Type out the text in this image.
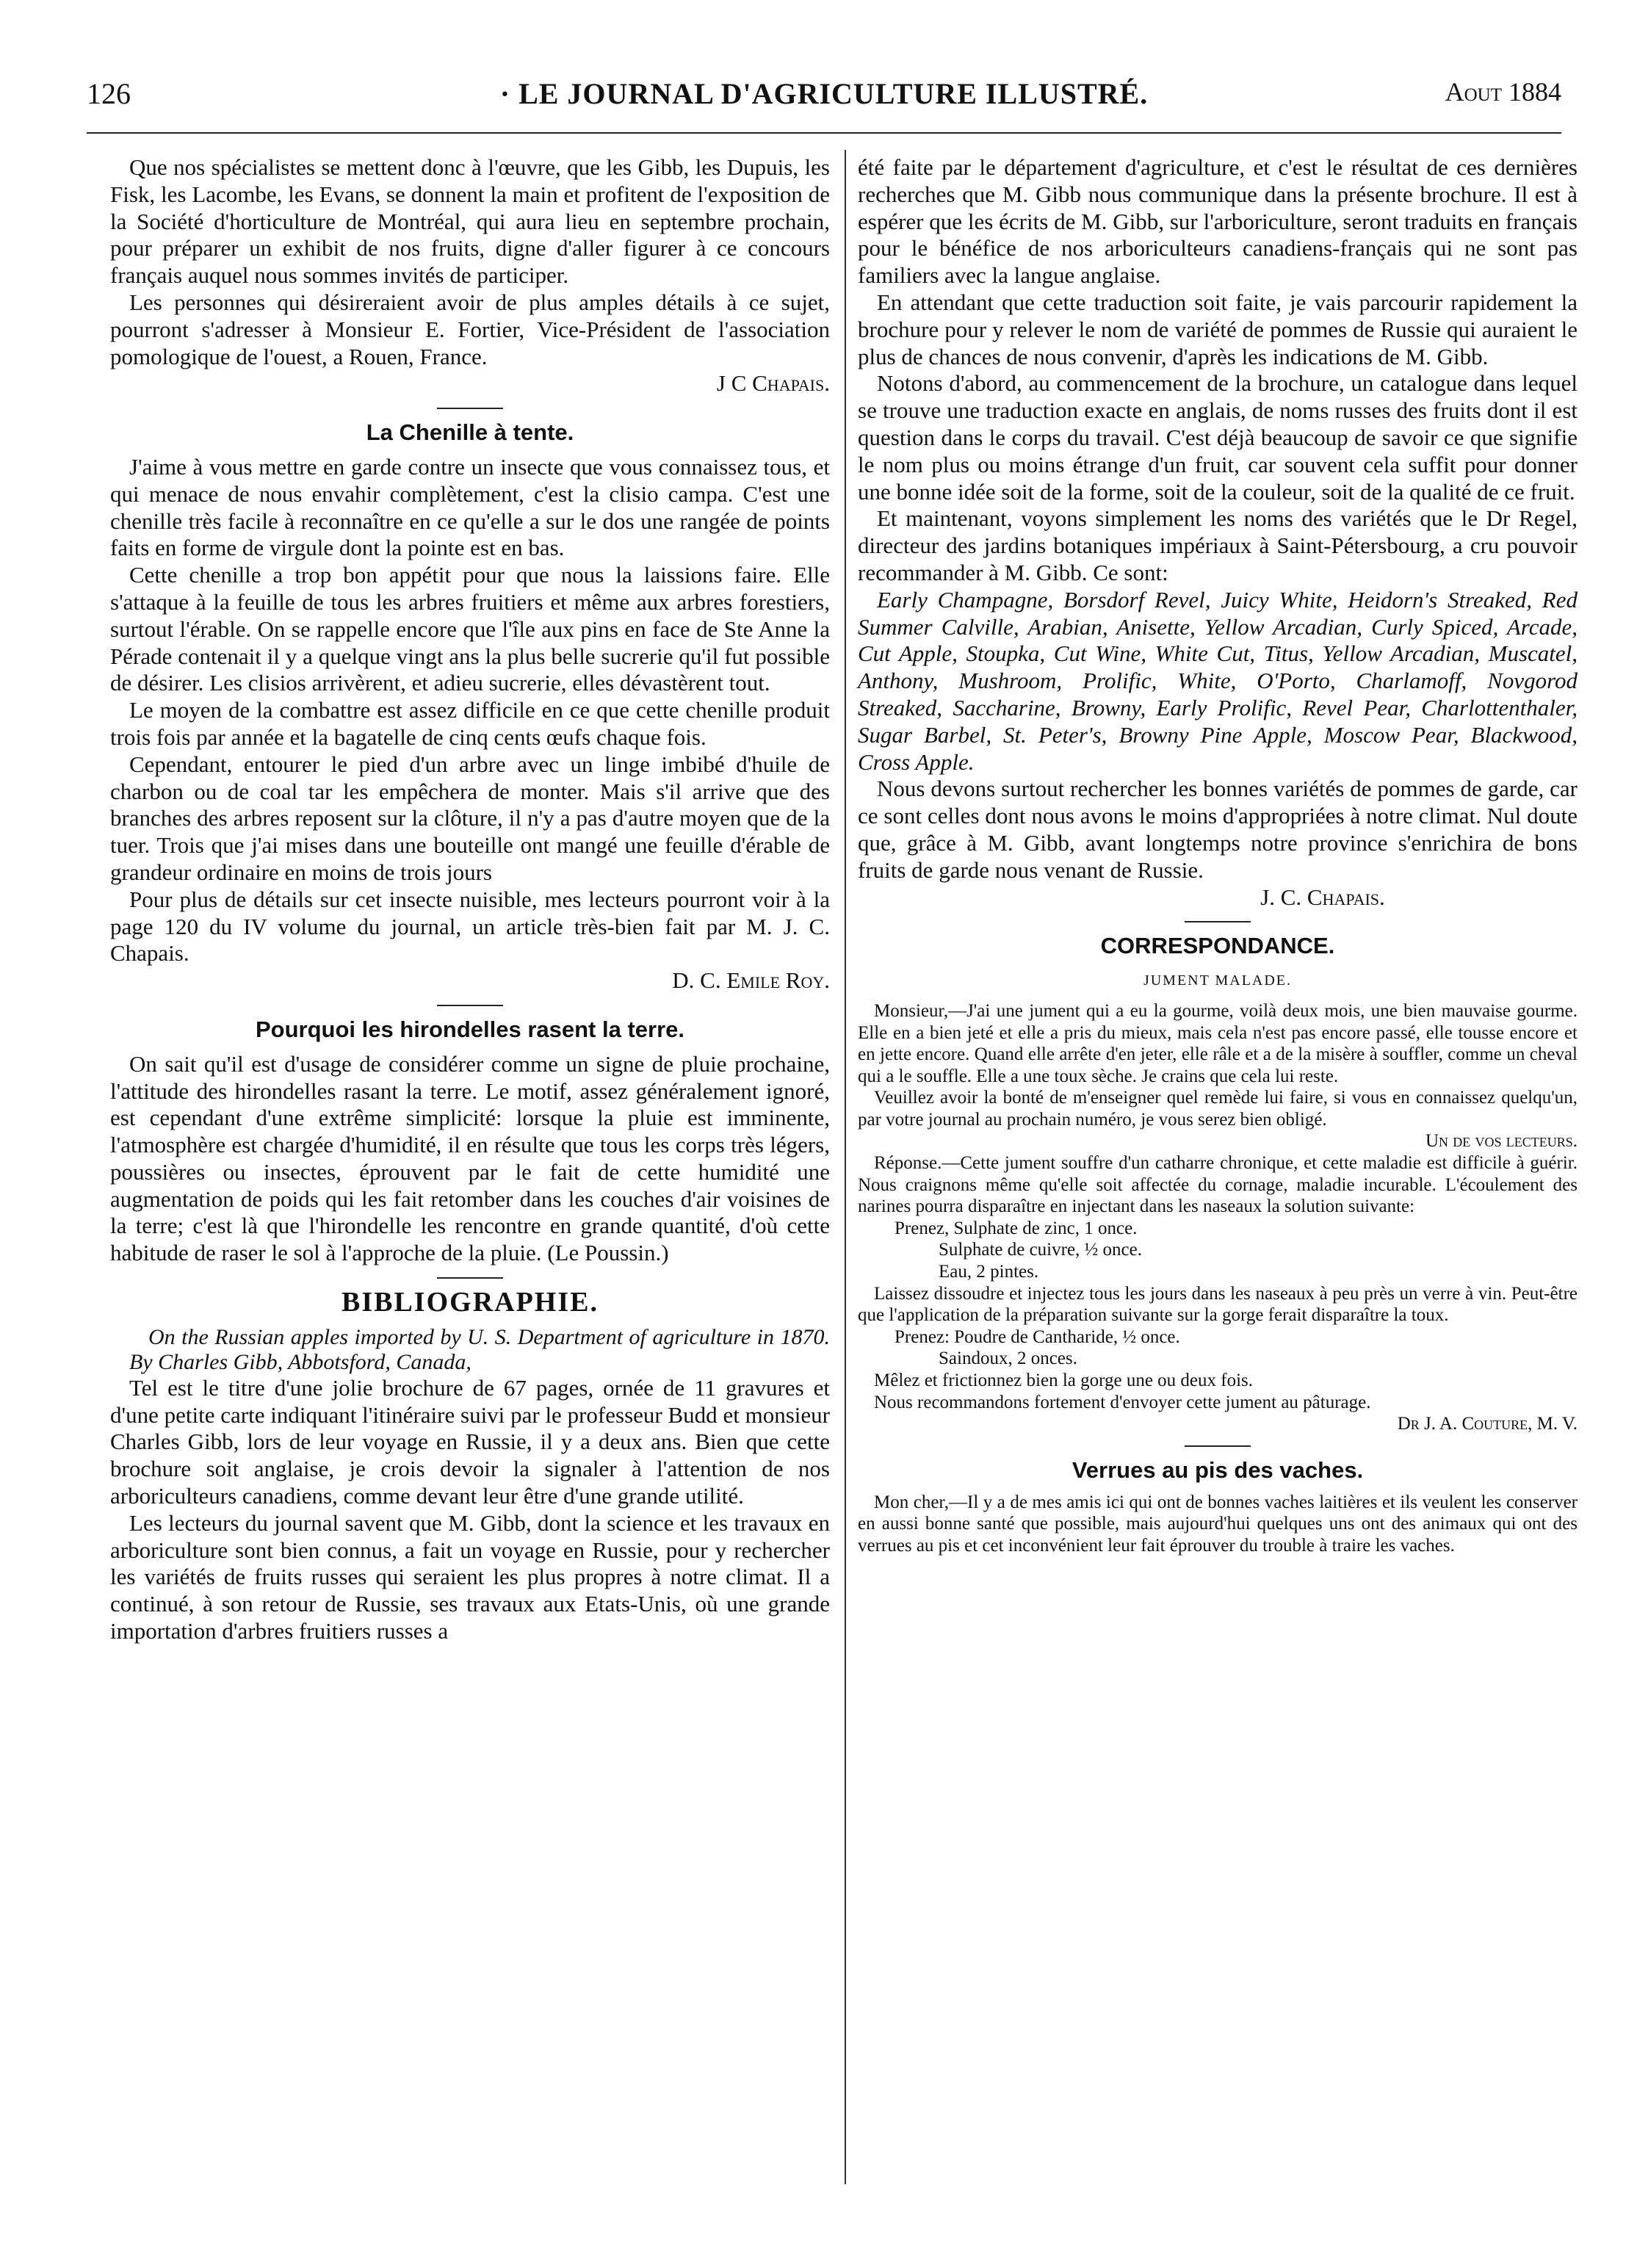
126	· LE JOURNAL D'AGRICULTURE ILLUSTRÉ.	Aout 1884

Que nos spécialistes se mettent donc à l'œuvre, que les Gibb, les Dupuis, les Fisk, les Lacombe, les Evans, se donnent la main et profitent de l'exposition de la Société d'horticulture de Montréal, qui aura lieu en septembre prochain, pour préparer un exhibit de nos fruits, digne d'aller figurer à ce concours français auquel nous sommes invités de participer.

Les personnes qui désireraient avoir de plus amples détails à ce sujet, pourront s'adresser à Monsieur E. Fortier, Vice-Président de l'association pomologique de l'ouest, a Rouen, France.

J C Chapais.

La Chenille à tente.

J'aime à vous mettre en garde contre un insecte que vous connaissez tous, et qui menace de nous envahir complètement, c'est la clisio campa. C'est une chenille très facile à reconnaître en ce qu'elle a sur le dos une rangée de points faits en forme de virgule dont la pointe est en bas.

Cette chenille a trop bon appétit pour que nous la laissions faire. Elle s'attaque à la feuille de tous les arbres fruitiers et même aux arbres forestiers, surtout l'érable. On se rappelle encore que l'île aux pins en face de Ste Anne la Pérade contenait il y a quelque vingt ans la plus belle sucrerie qu'il fut possible de désirer. Les clisios arrivèrent, et adieu sucrerie, elles dévastèrent tout.

Le moyen de la combattre est assez difficile en ce que cette chenille produit trois fois par année et la bagatelle de cinq cents œufs chaque fois.

Cependant, entourer le pied d'un arbre avec un linge imbibé d'huile de charbon ou de coal tar les empêchera de monter. Mais s'il arrive que des branches des arbres reposent sur la clôture, il n'y a pas d'autre moyen que de la tuer. Trois que j'ai mises dans une bouteille ont mangé une feuille d'érable de grandeur ordinaire en moins de trois jours

Pour plus de détails sur cet insecte nuisible, mes lecteurs pourront voir à la page 120 du IV volume du journal, un article très-bien fait par M. J. C. Chapais.

D. C. Emile Roy.

Pourquoi les hirondelles rasent la terre.

On sait qu'il est d'usage de considérer comme un signe de pluie prochaine, l'attitude des hirondelles rasant la terre. Le motif, assez généralement ignoré, est cependant d'une extrême simplicité: lorsque la pluie est imminente, l'atmosphère est chargée d'humidité, il en résulte que tous les corps très légers, poussières ou insectes, éprouvent par le fait de cette humidité une augmentation de poids qui les fait retomber dans les couches d'air voisines de la terre; c'est là que l'hirondelle les rencontre en grande quantité, d'où cette habitude de raser le sol à l'approche de la pluie. (Le Poussin.)

BIBLIOGRAPHIE.

On the Russian apples imported by U. S. Department of agriculture in 1870. By Charles Gibb, Abbotsford, Canada,

Tel est le titre d'une jolie brochure de 67 pages, ornée de 11 gravures et d'une petite carte indiquant l'itinéraire suivi par le professeur Budd et monsieur Charles Gibb, lors de leur voyage en Russie, il y a deux ans. Bien que cette brochure soit anglaise, je crois devoir la signaler à l'attention de nos arboriculteurs canadiens, comme devant leur être d'une grande utilité.

Les lecteurs du journal savent que M. Gibb, dont la science et les travaux en arboriculture sont bien connus, a fait un voyage en Russie, pour y rechercher les variétés de fruits russes qui seraient les plus propres à notre climat. Il a continué, à son retour de Russie, ses travaux aux Etats-Unis, où une grande importation d'arbres fruitiers russes a

été faite par le département d'agriculture, et c'est le résultat de ces dernières recherches que M. Gibb nous communique dans la présente brochure. Il est à espérer que les écrits de M. Gibb, sur l'arboriculture, seront traduits en français pour le bénéfice de nos arboriculteurs canadiens-français qui ne sont pas familiers avec la langue anglaise.

En attendant que cette traduction soit faite, je vais parcourir rapidement la brochure pour y relever le nom de variété de pommes de Russie qui auraient le plus de chances de nous convenir, d'après les indications de M. Gibb.

Notons d'abord, au commencement de la brochure, un catalogue dans lequel se trouve une traduction exacte en anglais, de noms russes des fruits dont il est question dans le corps du travail. C'est déjà beaucoup de savoir ce que signifie le nom plus ou moins étrange d'un fruit, car souvent cela suffit pour donner une bonne idée soit de la forme, soit de la couleur, soit de la qualité de ce fruit.

Et maintenant, voyons simplement les noms des variétés que le Dr Regel, directeur des jardins botaniques impériaux à Saint-Pétersbourg, a cru pouvoir recommander à M. Gibb. Ce sont:

Early Champagne, Borsdorf Revel, Juicy White, Heidorn's Streaked, Red Summer Calville, Arabian, Anisette, Yellow Arcadian, Curly Spiced, Arcade, Cut Apple, Stoupka, Cut Wine, White Cut, Titus, Yellow Arcadian, Muscatel, Anthony, Mushroom, Prolific, White, O'Porto, Charlamoff, Novgorod Streaked, Saccharine, Browny, Early Prolific, Revel Pear, Charlottenthaler, Sugar Barbel, St. Peter's, Browny Pine Apple, Moscow Pear, Blackwood, Cross Apple.

Nous devons surtout rechercher les bonnes variétés de pommes de garde, car ce sont celles dont nous avons le moins d'appropriées à notre climat. Nul doute que, grâce à M. Gibb, avant longtemps notre province s'enrichira de bons fruits de garde nous venant de Russie.

J. C. Chapais.

CORRESPONDANCE.
JUMENT MALADE.

Monsieur,—J'ai une jument qui a eu la gourme, voilà deux mois, une bien mauvaise gourme. Elle en a bien jeté et elle a pris du mieux, mais cela n'est pas encore passé, elle tousse encore et en jette encore. Quand elle arrête d'en jeter, elle râle et a de la misère à souffler, comme un cheval qui a le souffle. Elle a une toux sèche. Je crains que cela lui reste.

Veuillez avoir la bonté de m'enseigner quel remède lui faire, si vous en connaissez quelqu'un, par votre journal au prochain numéro, je vous serez bien obligé.

Un de vos lecteurs.

Réponse.—Cette jument souffre d'un catharre chronique, et cette maladie est difficile à guérir. Nous craignons même qu'elle soit affectée du cornage, maladie incurable. L'écoulement des narines pourra disparaître en injectant dans les naseaux la solution suivante:

Prenez, Sulphate de zinc, 1 once.

Sulphate de cuivre, ½ once.

Eau, 2 pintes.

Laissez dissoudre et injectez tous les jours dans les naseaux à peu près un verre à vin. Peut-être que l'application de la préparation suivante sur la gorge ferait disparaître la toux.

Prenez: Poudre de Cantharide, ½ once.

Saindoux, 2 onces.

Mêlez et frictionnez bien la gorge une ou deux fois.

Nous recommandons fortement d'envoyer cette jument au pâturage.

Dr J. A. Couture, M. V.

Verrues au pis des vaches.

Mon cher,—Il y a de mes amis ici qui ont de bonnes vaches laitières et ils veulent les conserver en aussi bonne santé que possible, mais aujourd'hui quelques uns ont des animaux qui ont des verrues au pis et cet inconvénient leur fait éprouver du trouble à traire les vaches.
